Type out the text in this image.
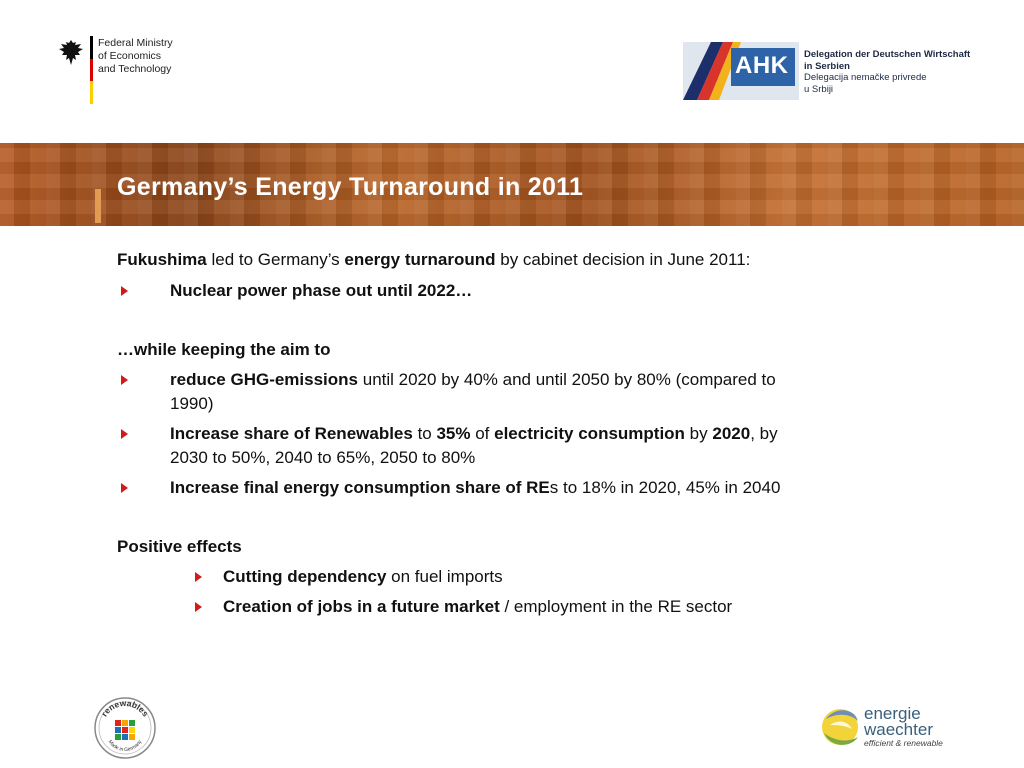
Federal Ministry
of Economics
and Technology	AHK Delegation der Deutschen Wirtschaft
in Serbien
Delegacija nemačke privrede
u Srbiji
Germany’s Energy Turnaround in 2011
Fukushima led to Germany’s energy turnaround by cabinet decision in June 2011:
Nuclear power phase out until 2022…
…while keeping the aim to
reduce GHG-emissions until 2020 by 40% and until 2050 by 80% (compared to
1990)
Increase share of Renewables to 35% of electricity consumption by 2020, by
2030 to 50%, 2040 to 65%, 2050 to 80%
Increase final energy consumption share of REs to 18% in 2020, 45% in 2040
Positive effects
Cutting dependency on fuel imports
Creation of jobs in a future market / employment in the RE sector
renewables
Made in Germany
energie
waechter
efficient & renewable
